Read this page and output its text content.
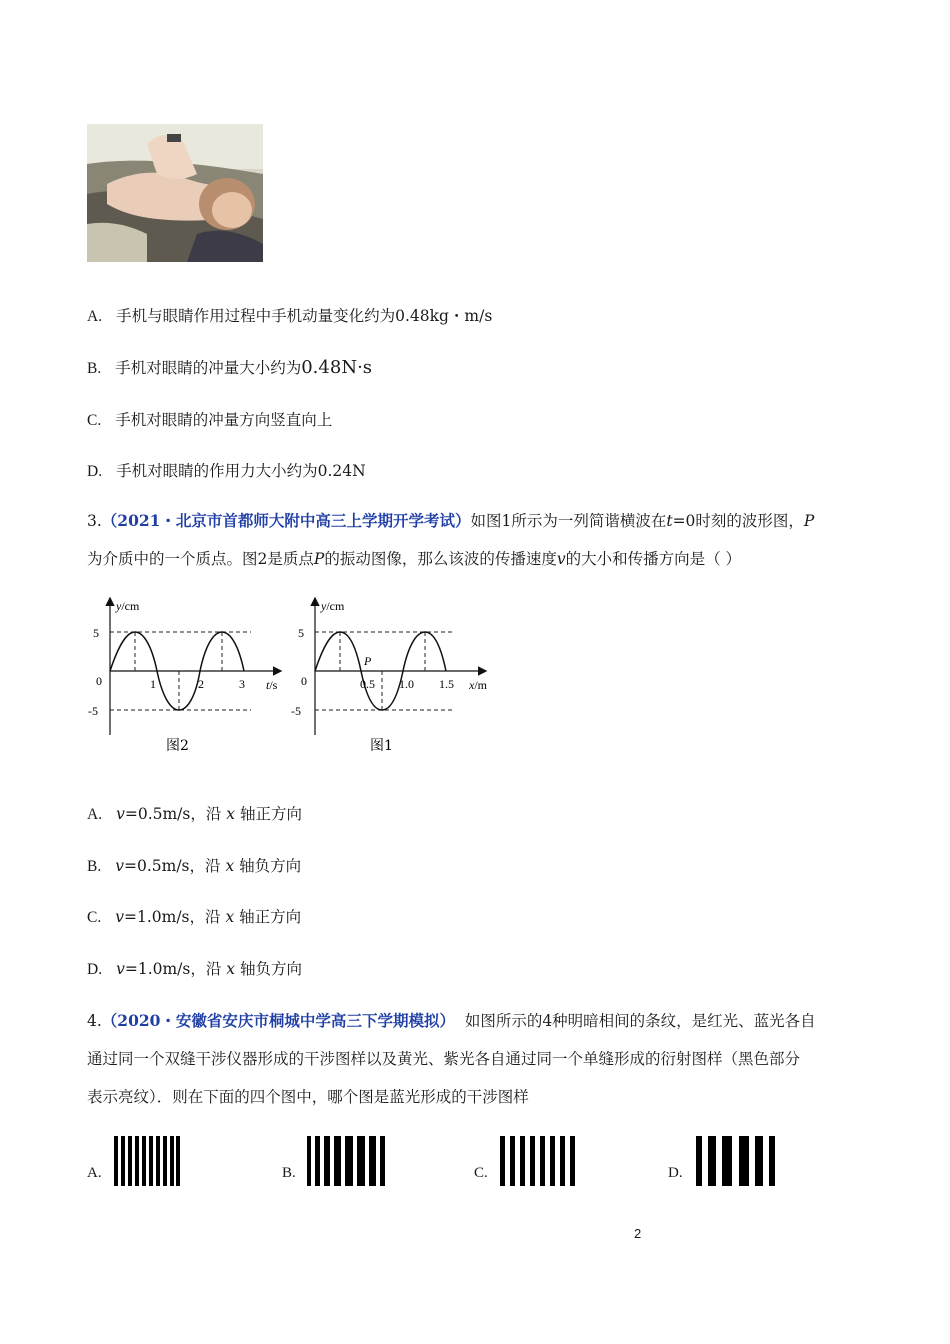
A. 手机与眼睛作用过程中手机动量变化约为0.48kg・m/s
B. 手机对眼睛的冲量大小约为0.48N·s
C. 手机对眼睛的冲量方向竖直向上
D. 手机对眼睛的作用力大小约为0.24N
3.（2021・北京市首都师大附中高三上学期开学考试）如图1所示为一列简谐横波在t=0时刻的波形图，P
为介质中的一个质点。图2是质点P的振动图像，那么该波的传播速度v的大小和传播方向是（ ）
y/cm
5
-5
0	1	2	3 t/s
图2
y/cm
5
-5
0
P
0.5 1.0 1.5 x/m
图1
A. v=0.5m/s，沿 x 轴正方向
B. v=0.5m/s，沿 x 轴负方向
C. v=1.0m/s，沿 x 轴正方向
D. v=1.0m/s，沿 x 轴负方向
4.（2020・安徽省安庆市桐城中学高三下学期模拟） 如图所示的4种明暗相间的条纹，是红光、蓝光各自
通过同一个双缝干涉仪器形成的干涉图样以及黄光、紫光各自通过同一个单缝形成的衍射图样（黑色部分
表示亮纹）．则在下面的四个图中，哪个图是蓝光形成的干涉图样
A.	B.	C.	D.
2
